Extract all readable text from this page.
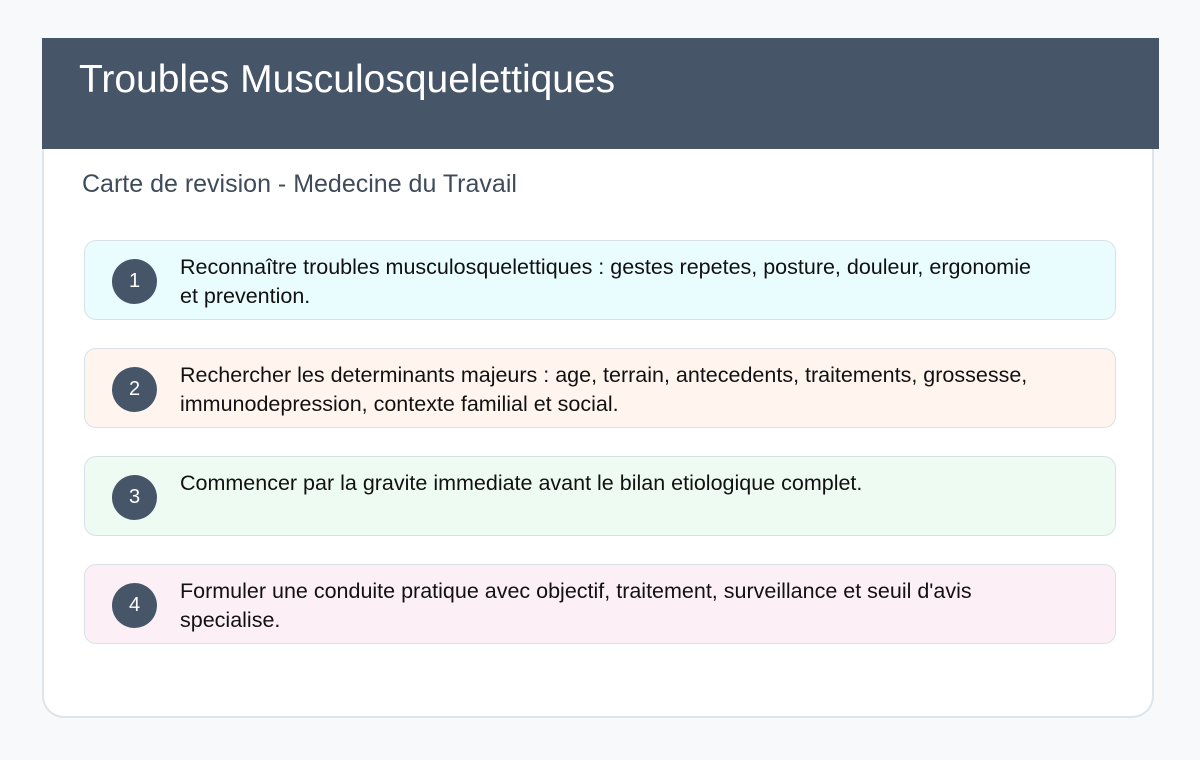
Troubles Musculosquelettiques

Carte de revision - Medecine du Travail

1

Reconnaître troubles musculosquelettiques : gestes repetes, posture, douleur, ergonomie et prevention.

2

Rechercher les determinants majeurs : age, terrain, antecedents, traitements, grossesse, immunodepression, contexte familial et social.

3

Commencer par la gravite immediate avant le bilan etiologique complet.

4

Formuler une conduite pratique avec objectif, traitement, surveillance et seuil d'avis specialise.
